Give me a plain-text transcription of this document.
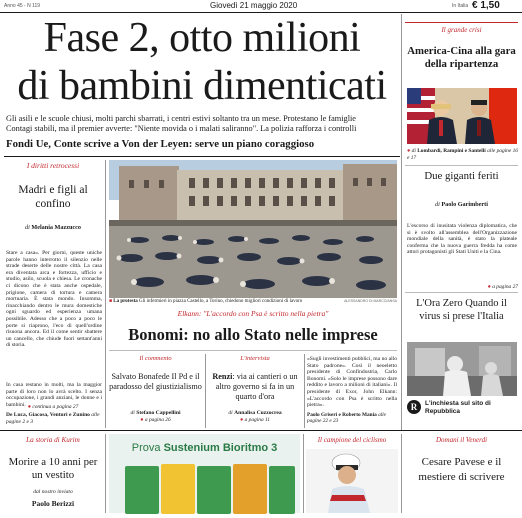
Anno 45 - N 119	Giovedì 21 maggio 2020	In Italia € 1,50
Fase 2, otto milioni
di bambini dimenticati
Gli asili e le scuole chiusi, molti parchi sbarrati, i centri estivi soltanto tra un mese. Protestano le famiglie
Contagi stabili, ma il premier avverte: "Niente movida o i malati saliranno". La polizia rafforza i controlli
Fondi Ue, Conte scrive a Von der Leyen: serve un piano coraggioso
I diritti retrocessi
Madri e figli al confino
di Melania Mazzucco
Stare a casa». Per giorni, queste uniche parole hanno interrotto il silenzio nelle strade deserte delle nostre città. La casa era diventata arca e fortezza, ufficio e studio, asilo, scuola e chiesa. Le cronache ci dicono che è stata anche ospedale, prigione, camera di tortura e camera mortuaria. È stata mondo. Insomma, rinacchiando dentro le mura domestiche ogni sguardo ed esperienza umana possibile. Adesso che a poco a poco le porte si riaprono, l'eco di quell'ordine risuona ancora. Ed il come sentir sbattere un cancello, che chiude fuori settant'anni di storia.
In casa restano in molti, ma la maggior parte di loro non lo avrà scelto. I senza occupazione, i grandi anziani, le donne e i bambini. ● continua a pagina 27
De Luca, Giacosa, Venturi e Zunino alle pagine 2 e 3
■ La protesta Gli infermieri in piazza Castello, a Torino, chiedono migliori condizioni di lavoro	ALESSANDRO DI MARCO/ANSA
Elkann: "L'accordo con Psa è scritto nella pietra"
Bonomi: no allo Stato nelle imprese
Il commento
Salvato Bonafede Il Pd e il paradosso del giustizialismo
di Stefano Cappellini
● a pagina 26
L'intervista
Renzi: via ai cantieri o un altro governo si fa in un quarto d'ora
di Annalisa Cuzzocrea
● a pagina 11
«Sugli investimenti pubblici, ma no allo Stato padrone». Così il neoeletto presidente di Confindustria, Carlo Bonomi. «Solo le imprese possono dare reddito e lavoro a milioni di italiani». Il presidente di Exor, John Elkann: «L'accordo con Psa è scritto nella pietra».
Paolo Griseri e Roberto Mania alle pagine 22 e 23
Il grande crisi
America-Cina alla gara della ripartenza
● di Lombardi, Rampini e Santelli alle pagine 16 e 17
Due giganti feriti
di Paolo Garimberti
L'escorso di inusitata violenza diplomatica, che si è svolto all'assemblea dell'Organizzazione mondiale della sanità, è stato la plateale conferma che la nuova guerra fredda ha come attori protagonisti gli Stati Uniti e la Cina.
● a pagina 27
L'Ora Zero Quando il virus si prese l'Italia
R	L'inchiesta sul sito di Repubblica
La storia di Kurim
Morire a 10 anni per un vestito
dal nostro inviato
Paolo Berizzi
Prova Sustenium Bioritmo 3
Il campione del ciclismo	Domani il Venerdì
Cesare Pavese e il mestiere di scrivere
